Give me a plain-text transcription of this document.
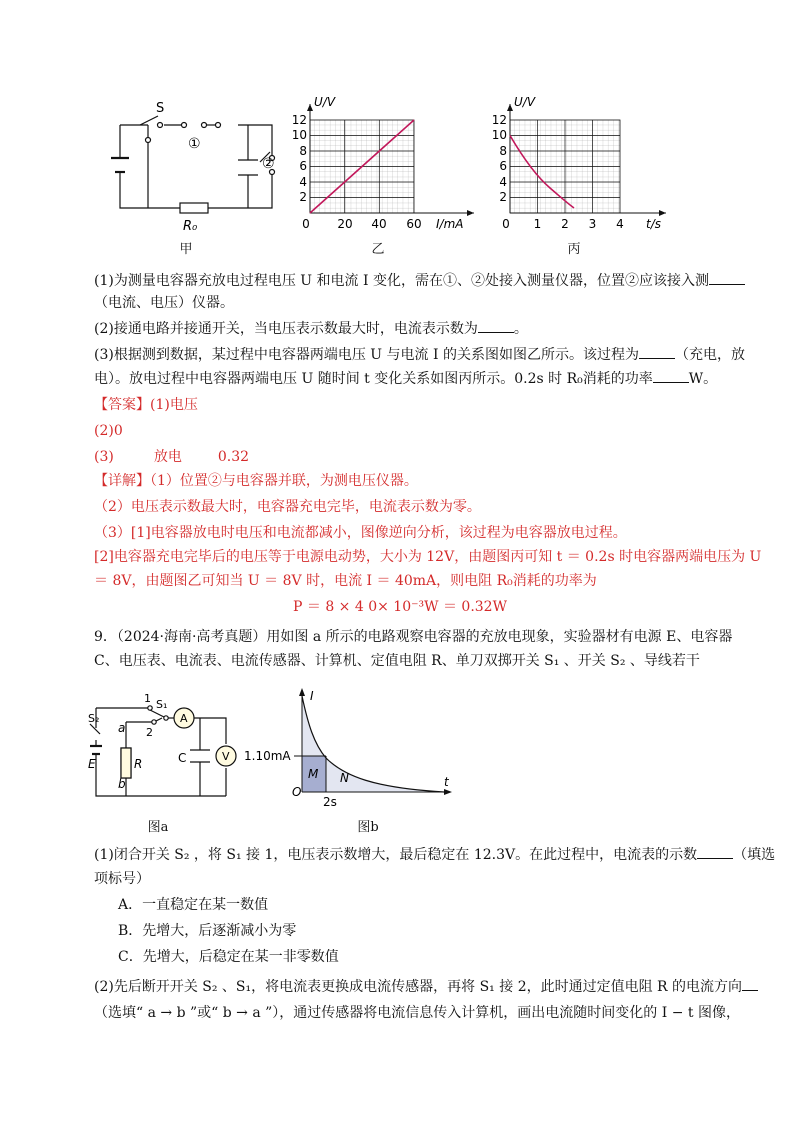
S
①
②
R₀
甲
U/V
I/mA
12
10
8
6
4
2
0 20 40 60
乙
U/V
t/s
12
10
8
6
4
2
0 1 2 3 4
丙
(1)为测量电容器充放电过程电压 U 和电流 I 变化，需在①、②处接入测量仪器，位置②应该接入测
（电流、电压）仪器。
(2)接通电路并接通开关，当电压表示数最大时，电流表示数为	。
(3)根据测到数据，某过程中电容器两端电压 U 与电流 I 的关系图如图乙所示。该过程为	（充电，放
电）。放电过程中电容器两端电压 U 随时间 t 变化关系如图丙所示。0.2s 时 R₀消耗的功率	W。
【答案】(1)电压
(2)0
(3)	放电	0.32
【详解】（1）位置②与电容器并联，为测电压仪器。
（2）电压表示数最大时，电容器充电完毕，电流表示数为零。
（3）[1]电容器放电时电压和电流都减小，图像逆向分析，该过程为电容器放电过程。
[2]电容器充电完毕后的电压等于电源电动势，大小为 12V，由题图丙可知 t ＝ 0.2s 时电容器两端电压为 U
＝ 8V，由题图乙可知当 U ＝ 8V 时，电流 I ＝ 40mA，则电阻 R₀消耗的功率为
P ＝ 8 × 4 0× 10⁻³W ＝ 0.32W
9．（2024·海南·高考真题）用如图 a 所示的电路观察电容器的充放电现象，实验器材有电源 E、电容器
C、电压表、电流表、电流传感器、计算机、定值电阻 R、单刀双掷开关 S₁ 、开关 S₂ 、导线若干
A
V
1 S₁
2
a
b
R	C
S₂
E
图a
I
t
O
1.10mA
2s
M N
图b
(1)闭合开关 S₂ ，将 S₁ 接 1，电压表示数增大，最后稳定在 12.3V。在此过程中，电流表的示数	（填选
项标号）
A．一直稳定在某一数值
B．先增大，后逐渐减小为零
C．先增大，后稳定在某一非零数值
(2)先后断开开关 S₂ 、S₁，将电流表更换成电流传感器，再将 S₁ 接 2，此时通过定值电阻 R 的电流方向
（选填“ a → b ”或“ b → a ”），通过传感器将电流信息传入计算机，画出电流随时间变化的 I − t 图像，
